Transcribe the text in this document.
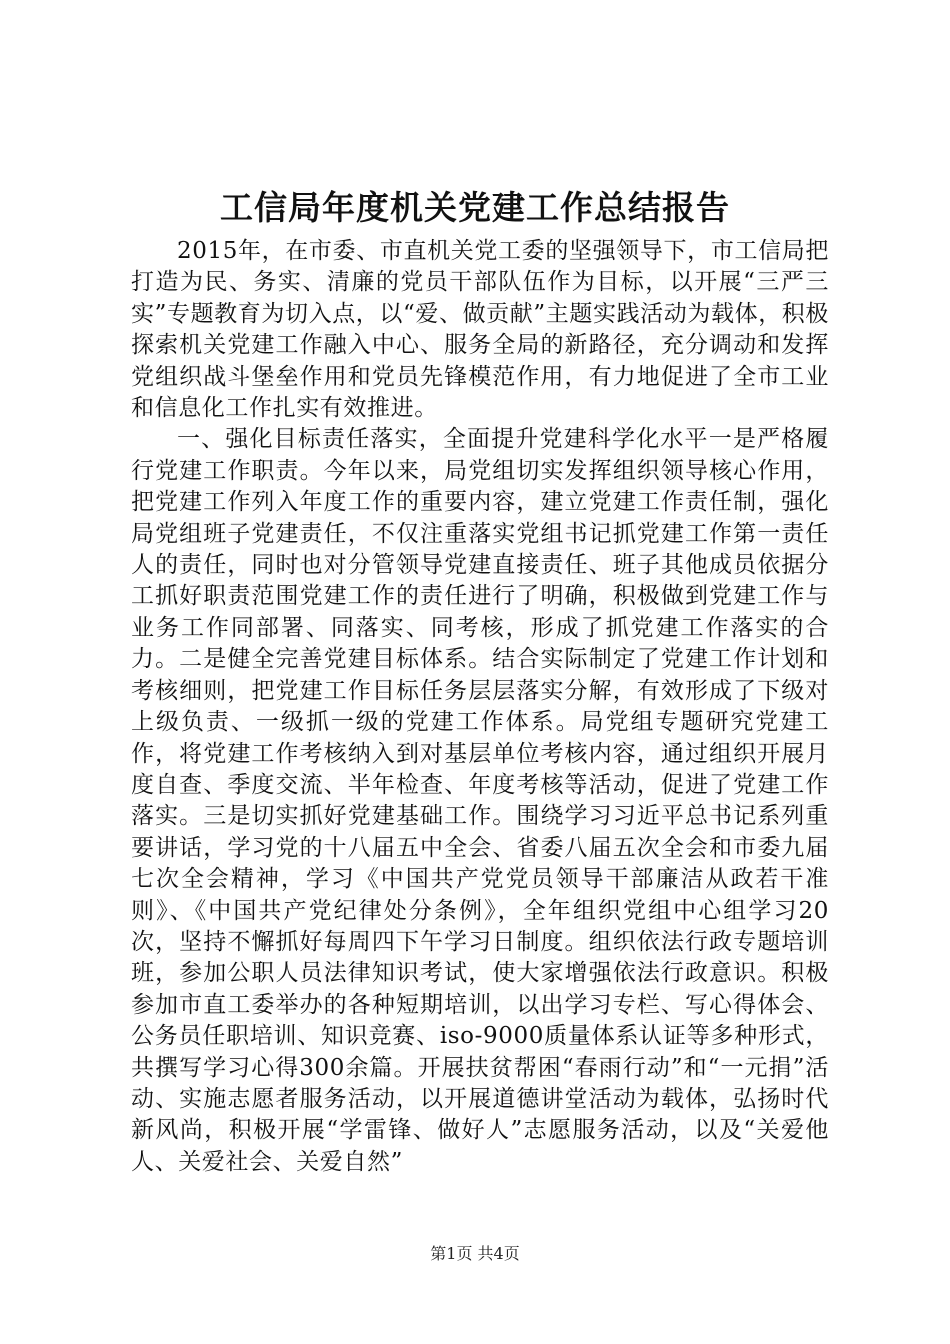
工信局年度机关党建工作总结报告

2015年，在市委、市直机关党工委的坚强领导下，市工信局把打造为民、务实、清廉的党员干部队伍作为目标，以开展“三严三实”专题教育为切入点，以“爱、做贡献”主题实践活动为载体，积极探索机关党建工作融入中心、服务全局的新路径，充分调动和发挥党组织战斗堡垒作用和党员先锋模范作用，有力地促进了全市工业和信息化工作扎实有效推进。

一、强化目标责任落实，全面提升党建科学化水平一是严格履行党建工作职责。今年以来，局党组切实发挥组织领导核心作用，把党建工作列入年度工作的重要内容，建立党建工作责任制，强化局党组班子党建责任，不仅注重落实党组书记抓党建工作第一责任人的责任，同时也对分管领导党建直接责任、班子其他成员依据分工抓好职责范围党建工作的责任进行了明确，积极做到党建工作与业务工作同部署、同落实、同考核，形成了抓党建工作落实的合力。二是健全完善党建目标体系。结合实际制定了党建工作计划和考核细则，把党建工作目标任务层层落实分解，有效形成了下级对上级负责、一级抓一级的党建工作体系。局党组专题研究党建工作，将党建工作考核纳入到对基层单位考核内容，通过组织开展月度自查、季度交流、半年检查、年度考核等活动，促进了党建工作落实。三是切实抓好党建基础工作。围绕学习习近平总书记系列重要讲话，学习党的十八届五中全会、省委八届五次全会和市委九届七次全会精神，学习《中国共产党党员领导干部廉洁从政若干准则》、《中国共产党纪律处分条例》，全年组织党组中心组学习20次，坚持不懈抓好每周四下午学习日制度。组织依法行政专题培训班，参加公职人员法律知识考试，使大家增强依法行政意识。积极参加市直工委举办的各种短期培训，以出学习专栏、写心得体会、公务员任职培训、知识竞赛、iso-9000质量体系认证等多种形式，共撰写学习心得300余篇。开展扶贫帮困“春雨行动”和“一元捐”活动、实施志愿者服务活动，以开展道德讲堂活动为载体，弘扬时代新风尚，积极开展“学雷锋、做好人”志愿服务活动，以及“关爱他人、关爱社会、关爱自然”

第1页 共4页
